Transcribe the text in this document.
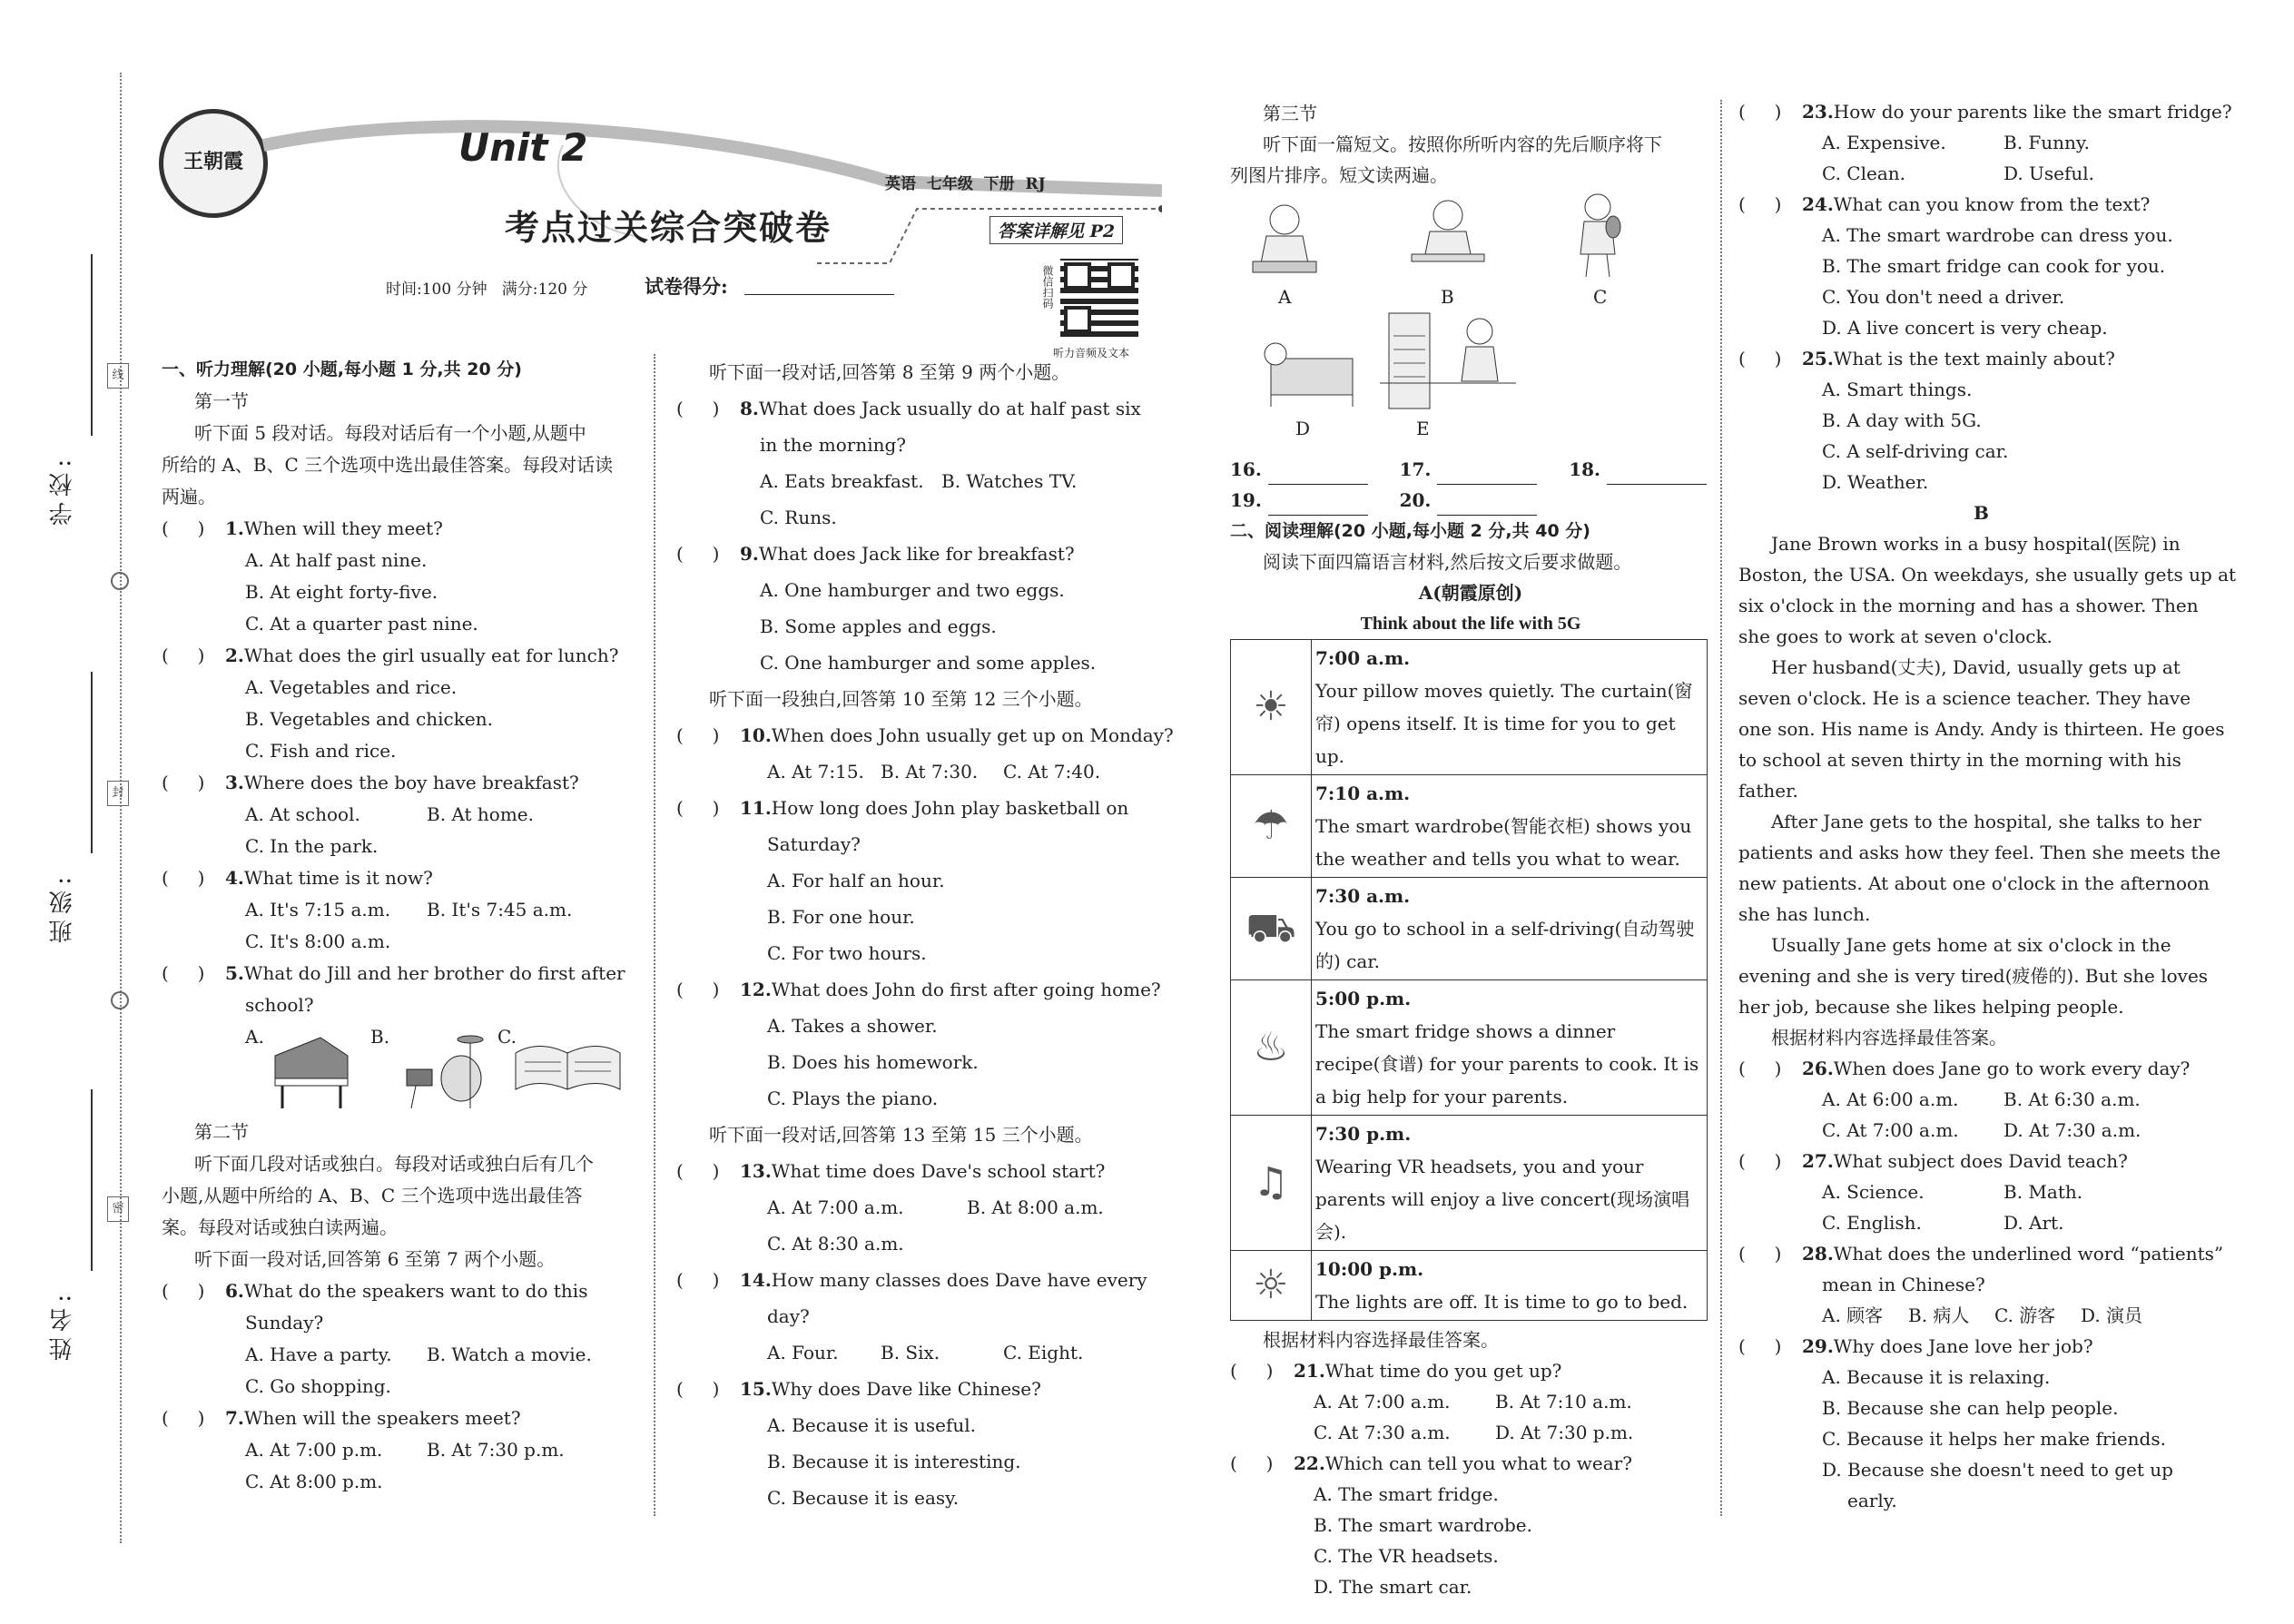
学校:
班级:
姓名:
线
封
密
王朝霞	Unit 2
考点过关综合突破卷
英语  七年级  下册  RJ
答案详解见 P2
时间:100 分钟   满分:120 分	试卷得分:	微信扫码
听力音频及文本

一、听力理解(20 小题,每小题 1 分,共 20 分)

第一节

听下面 5 段对话。每段对话后有一个小题,从题中

所给的 A、B、C 三个选项中选出最佳答案。每段对话读

两遍。

(     ) 1.When will they meet?

A. At half past nine.

B. At eight forty-five.

C. At a quarter past nine.

(     ) 2.What does the girl usually eat for lunch?

A. Vegetables and rice.

B. Vegetables and chicken.

C. Fish and rice.

(     ) 3.Where does the boy have breakfast?

A. At school.	B. At home.

C. In the park.

(     ) 4.What time is it now?

A. It's 7:15 a.m. B. It's 7:45 a.m.

C. It's 8:00 a.m.

(     ) 5.What do Jill and her brother do first after

school?

A.	B.	C.

第二节

听下面几段对话或独白。每段对话或独白后有几个

小题,从题中所给的 A、B、C 三个选项中选出最佳答

案。每段对话或独白读两遍。

听下面一段对话,回答第 6 至第 7 两个小题。

(     ) 6.What do the speakers want to do this

Sunday?

A. Have a party. B. Watch a movie.

C. Go shopping.

(     ) 7.When will the speakers meet?

A. At 7:00 p.m. B. At 7:30 p.m.

C. At 8:00 p.m.

听下面一段对话,回答第 8 至第 9 两个小题。

(     ) 8.What does Jack usually do at half past six

in the morning?

A. Eats breakfast. B. Watches TV.

C. Runs.

(     ) 9.What does Jack like for breakfast?

A. One hamburger and two eggs.

B. Some apples and eggs.

C. One hamburger and some apples.

听下面一段独白,回答第 10 至第 12 三个小题。

(     ) 10.When does John usually get up on Monday?

A. At 7:15. B. At 7:30. C. At 7:40.

(     ) 11.How long does John play basketball on

Saturday?

A. For half an hour.

B. For one hour.

C. For two hours.

(     ) 12.What does John do first after going home?

A. Takes a shower.

B. Does his homework.

C. Plays the piano.

听下面一段对话,回答第 13 至第 15 三个小题。

(     ) 13.What time does Dave's school start?

A. At 7:00 a.m.	B. At 8:00 a.m.

C. At 8:30 a.m.

(     ) 14.How many classes does Dave have every

day?

A. Four. B. Six.	C. Eight.

(     ) 15.Why does Dave like Chinese?

A. Because it is useful.

B. Because it is interesting.

C. Because it is easy.

第三节

听下面一篇短文。按照你所听内容的先后顺序将下

列图片排序。短文读两遍。

A	B	C
D	E

16.	17.	18.

19.	20.

二、阅读理解(20 小题,每小题 2 分,共 40 分)

阅读下面四篇语言材料,然后按文后要求做题。

A(朝霞原创)

Think about the life with 5G

☀	7:00 a.m.
Your pillow moves quietly. The curtain(窗帘) opens itself. It is time for you to get up.
☂	7:10 a.m.
The smart wardrobe(智能衣柜) shows you the weather and tells you what to wear.
⛟	7:30 a.m.
You go to school in a self-driving(自动驾驶的) car.
♨	5:00 p.m.
The smart fridge shows a dinner recipe(食谱) for your parents to cook. It is a big help for your parents.
♫	7:30 p.m.
Wearing VR headsets, you and your parents will enjoy a live concert(现场演唱会).
☼	10:00 p.m.
The lights are off. It is time to go to bed.

根据材料内容选择最佳答案。

(     ) 21.What time do you get up?

A. At 7:00 a.m. B. At 7:10 a.m.

C. At 7:30 a.m. D. At 7:30 p.m.

(     ) 22.Which can tell you what to wear?

A. The smart fridge.

B. The smart wardrobe.

C. The VR headsets.

D. The smart car.

(     ) 23.How do your parents like the smart fridge?

A. Expensive.	B. Funny.

C. Clean.	D. Useful.

(     ) 24.What can you know from the text?

A. The smart wardrobe can dress you.

B. The smart fridge can cook for you.

C. You don't need a driver.

D. A live concert is very cheap.

(     ) 25.What is the text mainly about?

A. Smart things.

B. A day with 5G.

C. A self-driving car.

D. Weather.

B

Jane Brown works in a busy hospital(医院) in

Boston, the USA. On weekdays, she usually gets up at

six o'clock in the morning and has a shower. Then

she goes to work at seven o'clock.

Her husband(丈夫), David, usually gets up at

seven o'clock. He is a science teacher. They have

one son. His name is Andy. Andy is thirteen. He goes

to school at seven thirty in the morning with his

father.

After Jane gets to the hospital, she talks to her

patients and asks how they feel. Then she meets the

new patients. At about one o'clock in the afternoon

she has lunch.

Usually Jane gets home at six o'clock in the

evening and she is very tired(疲倦的). But she loves

her job, because she likes helping people.

根据材料内容选择最佳答案。

(     ) 26.When does Jane go to work every day?

A. At 6:00 a.m. B. At 6:30 a.m.

C. At 7:00 a.m. D. At 7:30 a.m.

(     ) 27.What subject does David teach?

A. Science.	B. Math.

C. English.	D. Art.

(     ) 28.What does the underlined word “patients”

mean in Chinese?

A. 顾客 B. 病人 C. 游客 D. 演员

(     ) 29.Why does Jane love her job?

A. Because it is relaxing.

B. Because she can help people.

C. Because it helps her make friends.

D. Because she doesn't need to get up

early.
